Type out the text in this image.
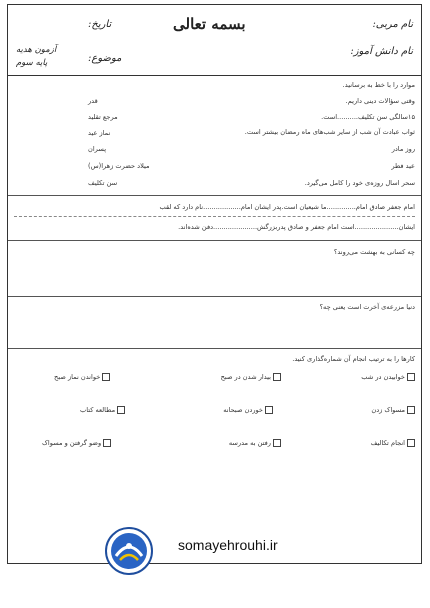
بسمه تعالی	نام مربی:
نام دانش آموز:
تاریخ:
موضوع:
آزمون هدیه
پایه سوم
موارد را با خط به برسانید.
وقتی سؤالات دینی داریم.
۱۵سالگی سن تکلیف..........است.
ثواب عبادت آن شب از سایر شب‌های ماه رمضان بیشتر است.
روز مادر
عید فطر
سحر اسال روزه‌ی خود را کامل می‌گیرد.
قدر
مرجع تقلید
نماز عید
پسران
میلاد حضرت زهرا(س)
سن تکلیف
امام جعفر صادق امام..............ما شیعیان است.پدر ایشان امام..................نام دارد که لقب
ایشان.....................است امام جعفر و صادق پدربزرگش.....................دفن شده‌اند.
چه کسانی به بهشت می‌روند؟
دنیا مزرعه‌ی آخرت است یعنی چه؟
کارها را به ترتیب انجام آن شماره‌گذاری کنید.
خوابیدن در شب
بیدار شدن در صبح
خواندن نماز صبح
مسواک زدن
خوردن صبحانه
مطالعه کتاب
انجام تکالیف
رفتن به مدرسه
وضو گرفتن و مسواک
somayehrouhi.ir
